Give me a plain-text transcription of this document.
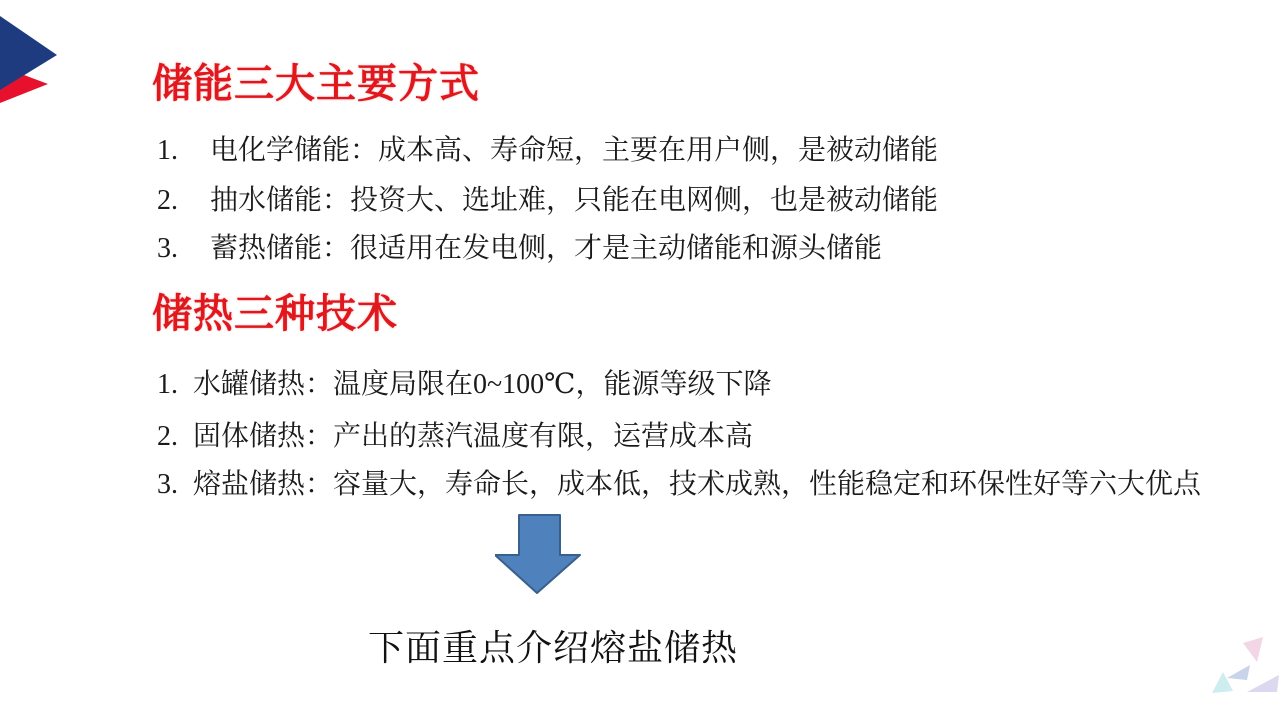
储能三大主要方式
1. 电化学储能：成本高、寿命短，主要在用户侧，是被动储能
2. 抽水储能：投资大、选址难，只能在电网侧，也是被动储能
3. 蓄热储能：很适用在发电侧，才是主动储能和源头储能
储热三种技术
1. 水罐储热：温度局限在0~100℃，能源等级下降
2. 固体储热：产出的蒸汽温度有限，运营成本高
3. 熔盐储热：容量大，寿命长，成本低，技术成熟，性能稳定和环保性好等六大优点
下面重点介绍熔盐储热
